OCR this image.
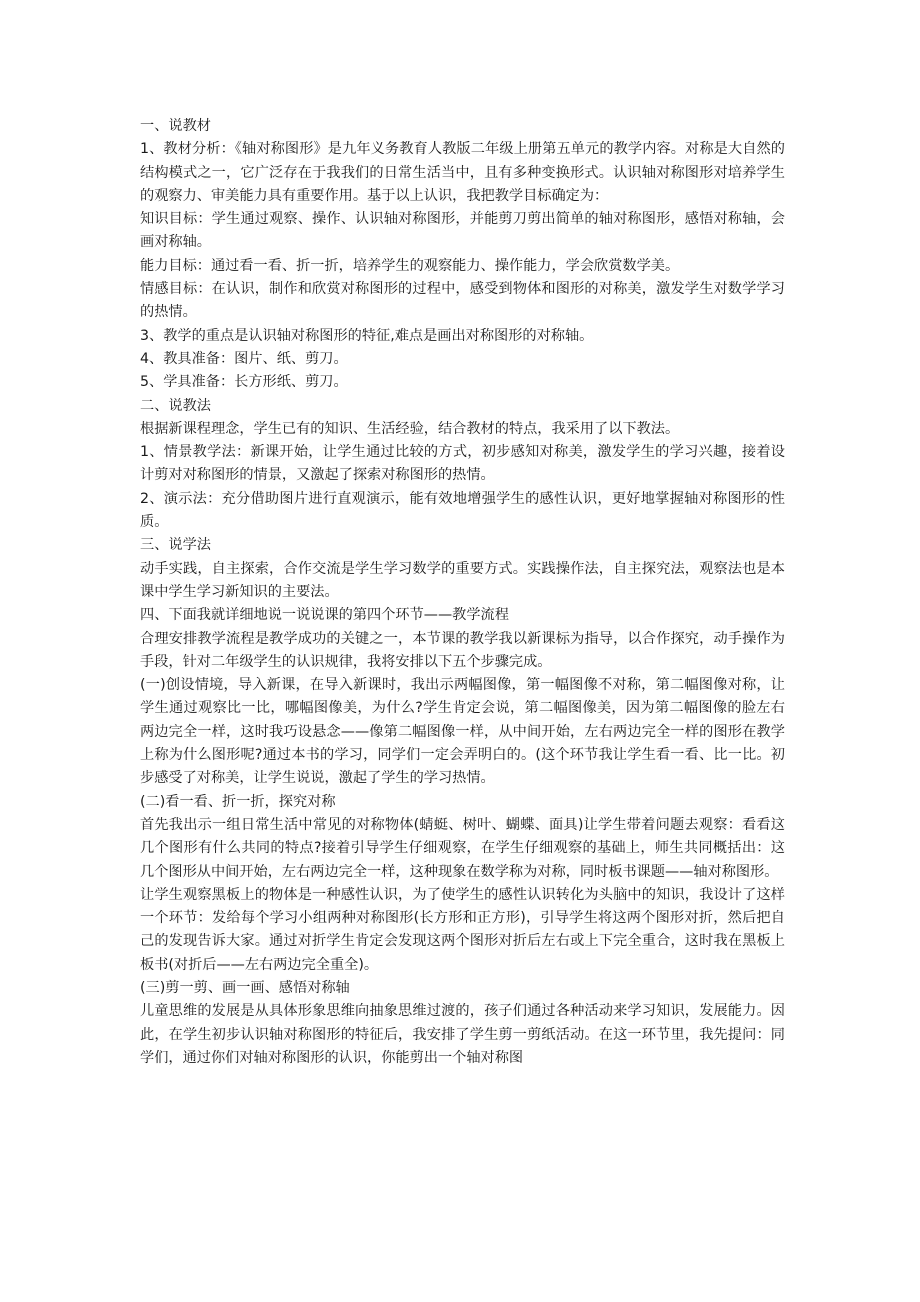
一、说教材

1、教材分析：《轴对称图形》是九年义务教育人教版二年级上册第五单元的教学内容。对称是大自然的结构模式之一，它广泛存在于我我们的日常生活当中，且有多种变换形式。认识轴对称图形对培养学生的观察力、审美能力具有重要作用。基于以上认识，我把教学目标确定为：

知识目标：学生通过观察、操作、认识轴对称图形，并能剪刀剪出简单的轴对称图形，感悟对称轴，会画对称轴。

能力目标：通过看一看、折一折，培养学生的观察能力、操作能力，学会欣赏数学美。

情感目标：在认识，制作和欣赏对称图形的过程中，感受到物体和图形的对称美，激发学生对数学学习的热情。

3、教学的重点是认识轴对称图形的特征,难点是画出对称图形的对称轴。

4、教具准备：图片、纸、剪刀。

5、学具准备：长方形纸、剪刀。

二、说教法

根据新课程理念，学生已有的知识、生活经验，结合教材的特点，我采用了以下教法。

1、情景教学法：新课开始，让学生通过比较的方式，初步感知对称美，激发学生的学习兴趣，接着设计剪对对称图形的情景，又激起了探索对称图形的热情。

2、演示法：充分借助图片进行直观演示，能有效地增强学生的感性认识，更好地掌握轴对称图形的性质。

三、说学法

动手实践，自主探索，合作交流是学生学习数学的重要方式。实践操作法，自主探究法，观察法也是本课中学生学习新知识的主要法。

四、下面我就详细地说一说说课的第四个环节——教学流程

合理安排教学流程是教学成功的关键之一，本节课的教学我以新课标为指导，以合作探究，动手操作为手段，针对二年级学生的认识规律，我将安排以下五个步骤完成。

(一)创设情境，导入新课，在导入新课时，我出示两幅图像，第一幅图像不对称，第二幅图像对称，让学生通过观察比一比，哪幅图像美，为什么?学生肯定会说，第二幅图像美，因为第二幅图像的脸左右两边完全一样，这时我巧设悬念——像第二幅图像一样，从中间开始，左右两边完全一样的图形在教学上称为什么图形呢?通过本书的学习，同学们一定会弄明白的。(这个环节我让学生看一看、比一比。初步感受了对称美，让学生说说，激起了学生的学习热情。

(二)看一看、折一折，探究对称

首先我出示一组日常生活中常见的对称物体(蜻蜓、树叶、蝴蝶、面具)让学生带着问题去观察：看看这几个图形有什么共同的特点?接着引导学生仔细观察，在学生仔细观察的基础上，师生共同概括出：这几个图形从中间开始，左右两边完全一样，这种现象在数学称为对称，同时板书课题——轴对称图形。

让学生观察黑板上的物体是一种感性认识，为了使学生的感性认识转化为头脑中的知识，我设计了这样一个环节：发给每个学习小组两种对称图形(长方形和正方形)，引导学生将这两个图形对折，然后把自己的发现告诉大家。通过对折学生肯定会发现这两个图形对折后左右或上下完全重合，这时我在黑板上板书(对折后——左右两边完全重全)。

(三)剪一剪、画一画、感悟对称轴

儿童思维的发展是从具体形象思维向抽象思维过渡的，孩子们通过各种活动来学习知识，发展能力。因此，在学生初步认识轴对称图形的特征后，我安排了学生剪一剪纸活动。在这一环节里，我先提问：同学们，通过你们对轴对称图形的认识，你能剪出一个轴对称图
